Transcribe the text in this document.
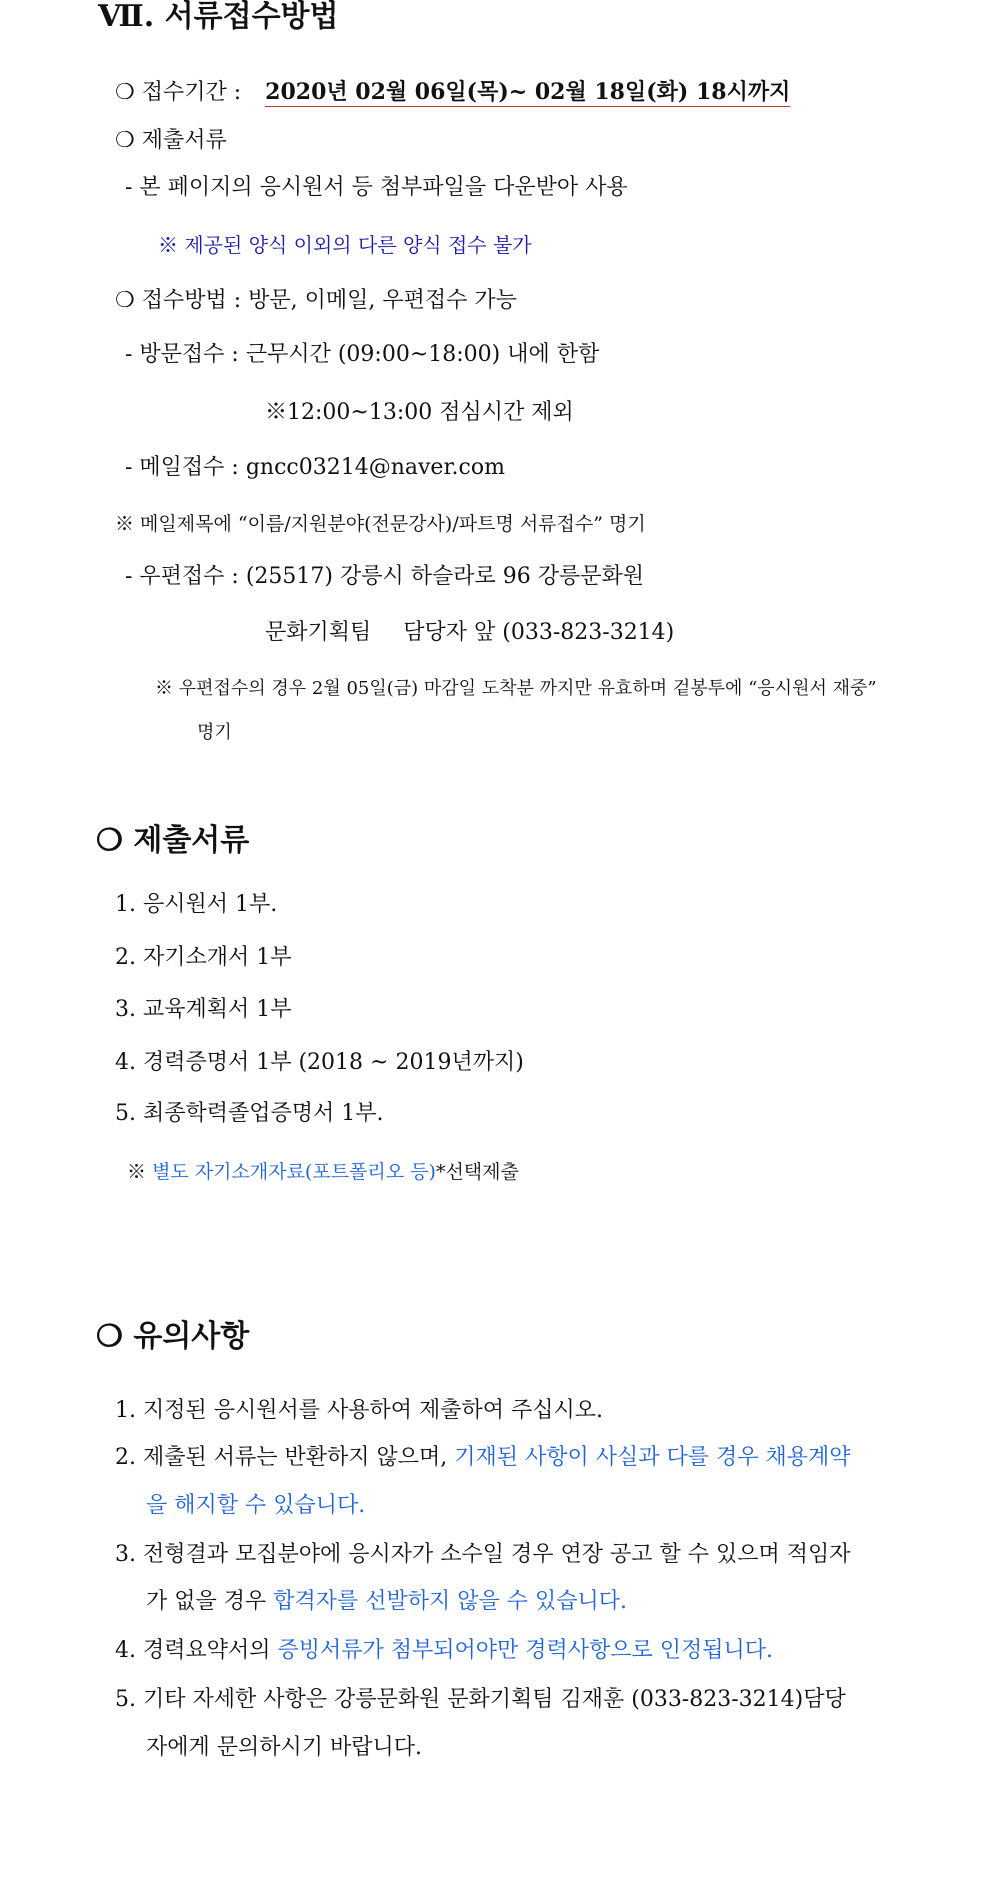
Ⅶ. 서류접수방법
❍ 접수기간 : 2020년 02월 06일(목)~ 02월 18일(화) 18시까지
❍ 제출서류
- 본 페이지의 응시원서 등 첨부파일을 다운받아 사용
※ 제공된 양식 이외의 다른 양식 접수 불가
❍ 접수방법 : 방문, 이메일, 우편접수 가능
- 방문접수 : 근무시간 (09:00~18:00) 내에 한함
※12:00~13:00 점심시간 제외
- 메일접수 : gncc03214@naver.com
※ 메일제목에 “이름/지원분야(전문강사)/파트명 서류접수” 명기
- 우편접수 : (25517) 강릉시 하슬라로 96 강릉문화원
문화기획팀 담당자 앞 (033-823-3214)
※ 우편접수의 경우 2월 05일(금) 마감일 도착분 까지만 유효하며 겉봉투에 “응시원서 재중”
명기
❍ 제출서류
1. 응시원서 1부.
2. 자기소개서 1부
3. 교육계획서 1부
4. 경력증명서 1부 (2018 ~ 2019년까지)
5. 최종학력졸업증명서 1부.
※ 별도 자기소개자료(포트폴리오 등)*선택제출
❍ 유의사항
1. 지정된 응시원서를 사용하여 제출하여 주십시오.
2. 제출된 서류는 반환하지 않으며, 기재된 사항이 사실과 다를 경우 채용계약
을 해지할 수 있습니다.
3. 전형결과 모집분야에 응시자가 소수일 경우 연장 공고 할 수 있으며 적임자
가 없을 경우 합격자를 선발하지 않을 수 있습니다.
4. 경력요약서의 증빙서류가 첨부되어야만 경력사항으로 인정됩니다.
5. 기타 자세한 사항은 강릉문화원 문화기획팀 김재훈 (033-823-3214)담당
자에게 문의하시기 바랍니다.
